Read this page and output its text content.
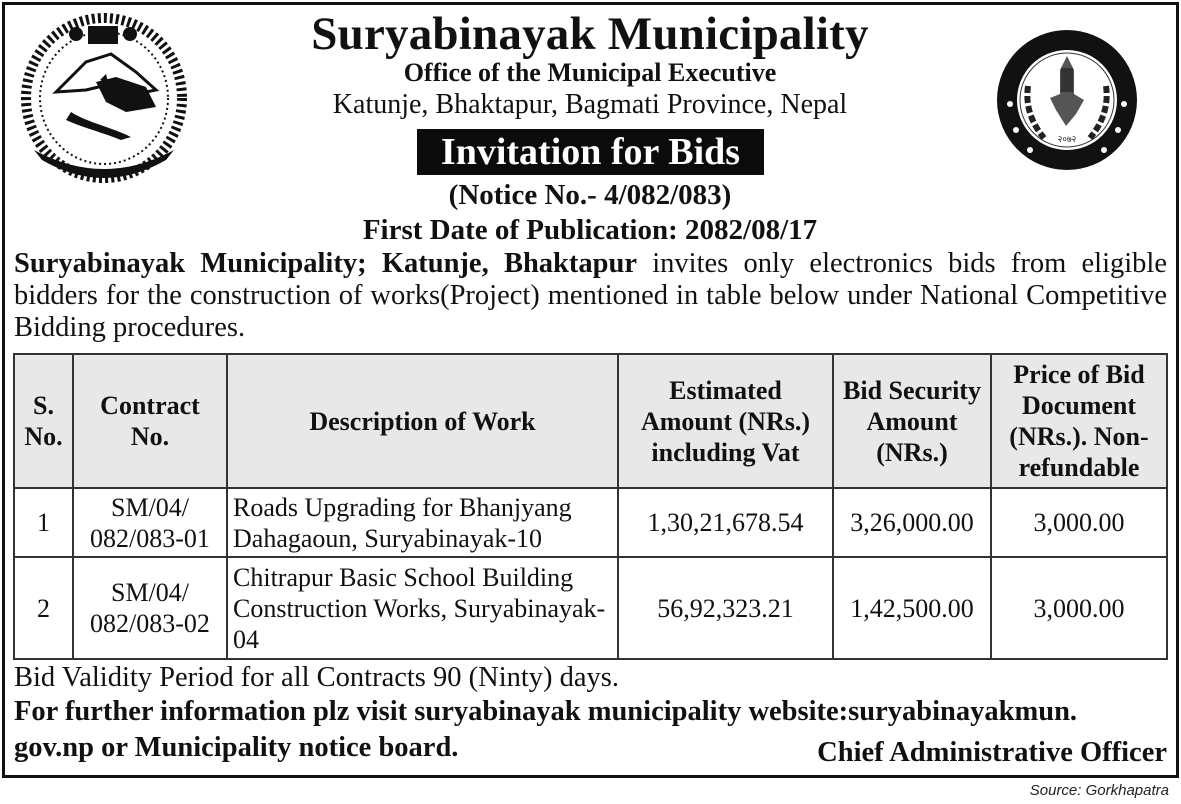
२०७२
Suryabinayak Municipality
Office of the Municipal Executive
Katunje, Bhaktapur, Bagmati Province, Nepal
Invitation for Bids
(Notice No.- 4/082/083)
First Date of Publication: 2082/08/17

Suryabinayak Municipality; Katunje, Bhaktapur invites only electronics bids from eligible bidders for the construction of works(Project) mentioned in table below under National Competitive Bidding procedures.

S. No.	Contract No.	Description of Work	Estimated Amount (NRs.) including Vat	Bid Security Amount (NRs.)	Price of Bid Document (NRs.). Non-refundable
1	SM/04/ 082/083-01	Roads Upgrading for Bhanjyang Dahagaoun, Suryabinayak-10	1,30,21,678.54	3,26,000.00	3,000.00
2	SM/04/ 082/083-02	Chitrapur Basic School Building Construction Works, Suryabinayak-04	56,92,323.21	1,42,500.00	3,000.00
Bid Validity Period for all Contracts 90 (Ninty) days.
For further information plz visit suryabinayak municipality website:suryabinayakmun.
gov.np or Municipality notice board.	Chief Administrative Officer
Source: Gorkhapatra
